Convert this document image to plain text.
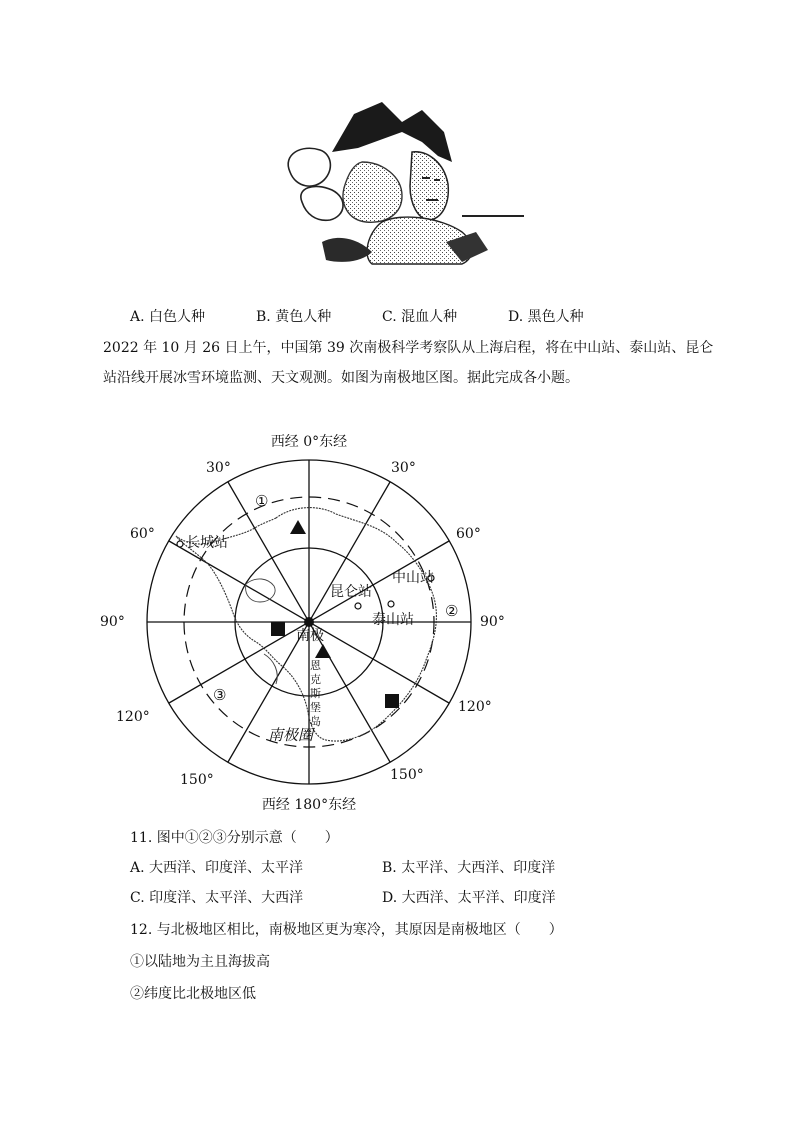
A. 白色人种	B. 黄色人种	C. 混血人种	D. 黑色人种
2022 年 10 月 26 日上午，中国第 39 次南极科学考察队从上海启程，将在中山站、泰山站、昆仑
站沿线开展冰雪环境监测、天文观测。如图为南极地区图。据此完成各小题。
西经 0°东经
西经 180°东经
30°	30°
60°	60°
90°	90°
120°
120°
150°	150°
①
②
③
长城站
昆仑站
中山站
泰山站
南极
南极圈
恩
克
斯
堡
岛
11. 图中①②③分别示意（　　）
A. 大西洋、印度洋、太平洋	B. 太平洋、大西洋、印度洋
C. 印度洋、太平洋、大西洋	D. 大西洋、太平洋、印度洋
12. 与北极地区相比，南极地区更为寒冷，其原因是南极地区（　　）
①以陆地为主且海拔高
②纬度比北极地区低
